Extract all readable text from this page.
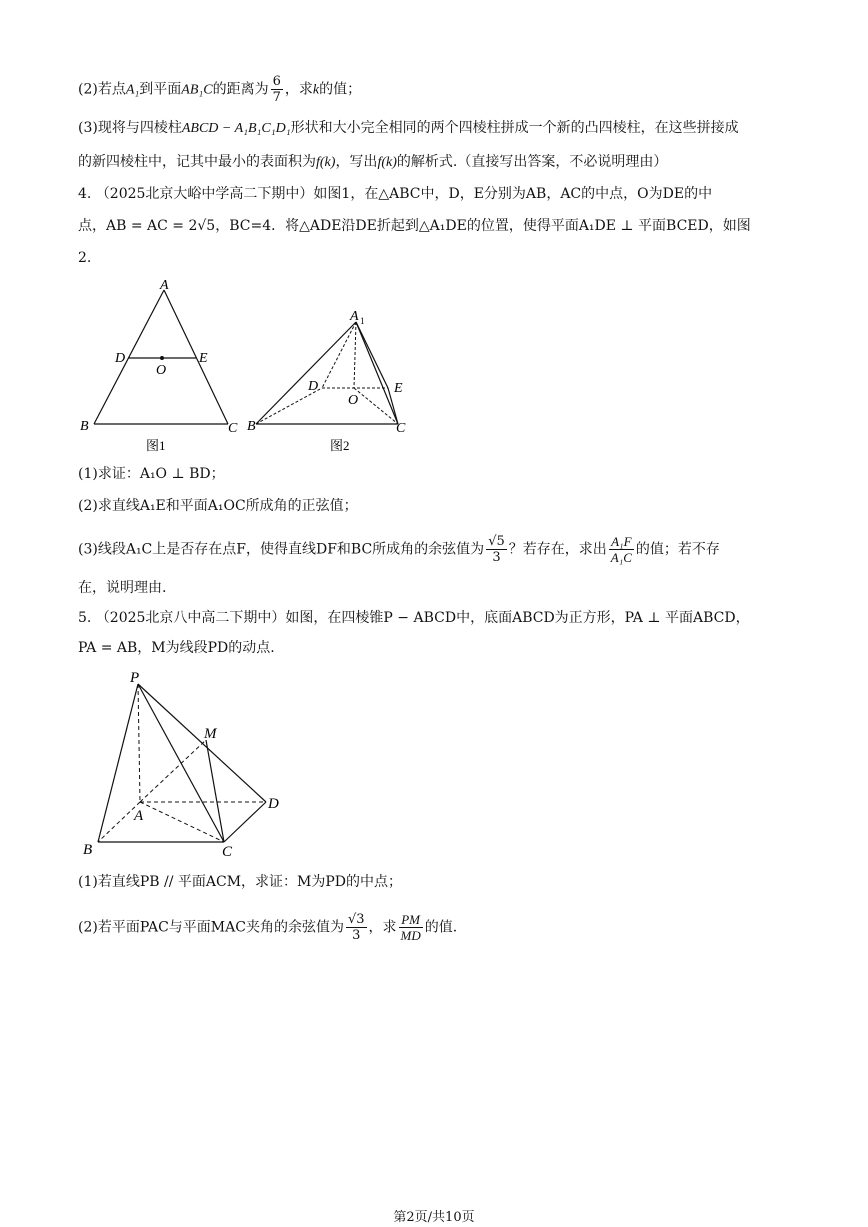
(2)若点A₁到平面AB₁C的距离为 $\frac{6}{7}$ ，求k的值；
(3)现将与四棱柱ABCD − A₁B₁C₁D₁形状和大小完全相同的两个四棱柱拼成一个新的凸四棱柱，在这些拼接成
的新四棱柱中，记其中最小的表面积为f(k)，写出f(k)的解析式.（直接写出答案，不必说明理由）
4. （2025北京大峪中学高二下期中）如图1，在△ABC中，D，E分别为AB，AC的中点，O为DE的中
点，AB = AC = 2√5，BC=4．将△ADE沿DE折起到△A₁DE的位置，使得平面A₁DE ⊥ 平面BCED，如图
2.
A
D	E
O
B	C
图1
A 1
D	E
O
B	C
图2
(1)求证：A₁O ⊥ BD；
(2)求直线A₁E和平面A₁OC所成角的正弦值；
(3)线段A₁C上是否存在点F，使得直线DF和BC所成角的余弦值为 $\frac{√5}{3}$ ？若存在，求出 $\frac{\text{A₁F}}{\text{A₁C}}$ 的值；若不存
在，说明理由.
5. （2025北京八中高二下期中）如图，在四棱锥P − ABCD中，底面ABCD为正方形，PA ⊥ 平面ABCD，
PA = AB，M为线段PD的动点.
P
M
A
B	C
D
(1)若直线PB // 平面ACM，求证：M为PD的中点；
(2)若平面PAC与平面MAC夹角的余弦值为 $\frac{√3}{3}$ ，求 $\frac{PM}{MD}$ 的值.
第2页/共10页
